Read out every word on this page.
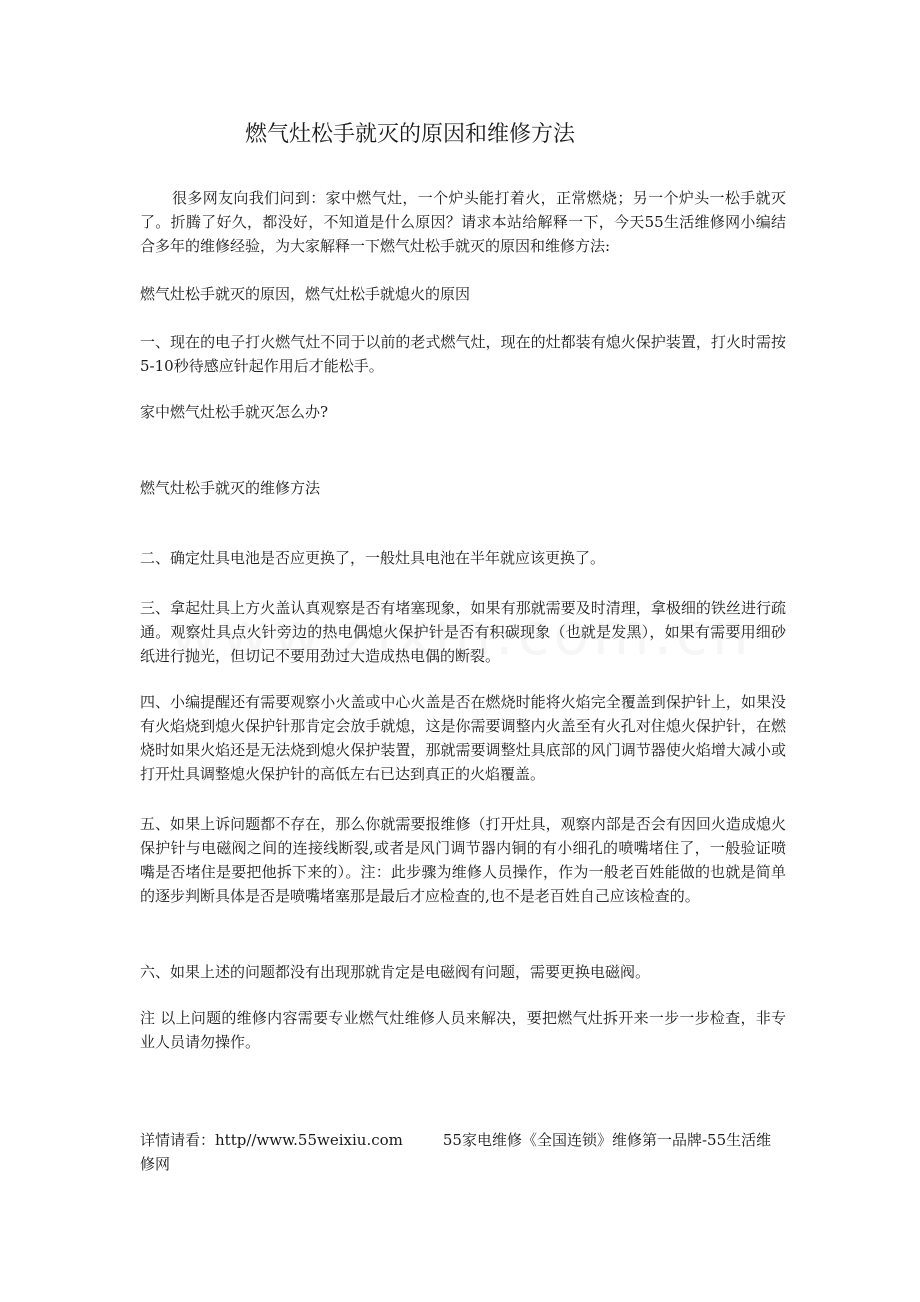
燃气灶松手就灭的原因和维修方法

很多网友向我们问到：家中燃气灶，一个炉头能打着火，正常燃烧；另一个炉头一松手就灭了。折腾了好久，都没好，不知道是什么原因？请求本站给解释一下，今天55生活维修网小编结合多年的维修经验，为大家解释一下燃气灶松手就灭的原因和维修方法:

燃气灶松手就灭的原因，燃气灶松手就熄火的原因

一、现在的电子打火燃气灶不同于以前的老式燃气灶，现在的灶都装有熄火保护装置，打火时需按5-10秒待感应针起作用后才能松手。

家中燃气灶松手就灭怎么办?

燃气灶松手就灭的维修方法

二、确定灶具电池是否应更换了，一般灶具电池在半年就应该更换了。

三、拿起灶具上方火盖认真观察是否有堵塞现象，如果有那就需要及时清理，拿极细的铁丝进行疏通。观察灶具点火针旁边的热电偶熄火保护针是否有积碳现象（也就是发黑），如果有需要用细砂纸进行抛光，但切记不要用劲过大造成热电偶的断裂。

四、小编提醒还有需要观察小火盖或中心火盖是否在燃烧时能将火焰完全覆盖到保护针上，如果没有火焰烧到熄火保护针那肯定会放手就熄，这是你需要调整内火盖至有火孔对住熄火保护针，在燃烧时如果火焰还是无法烧到熄火保护装置，那就需要调整灶具底部的风门调节器使火焰增大减小或打开灶具调整熄火保护针的高低左右已达到真正的火焰覆盖。

五、如果上诉问题都不存在，那么你就需要报维修（打开灶具，观察内部是否会有因回火造成熄火保护针与电磁阀之间的连接线断裂,或者是风门调节器内铜的有小细孔的喷嘴堵住了，一般验证喷嘴是否堵住是要把他拆下来的）。注：此步骤为维修人员操作，作为一般老百姓能做的也就是简单的逐步判断具体是否是喷嘴堵塞那是最后才应检查的,也不是老百姓自己应该检查的。

六、如果上述的问题都没有出现那就肯定是电磁阀有问题，需要更换电磁阀。

注 以上问题的维修内容需要专业燃气灶维修人员来解决，要把燃气灶拆开来一步一步检查，非专业人员请勿操作。

详情请看：http//www.55weixiu.com	55家电维修《全国连锁》维修第一品牌-55生活维修网
